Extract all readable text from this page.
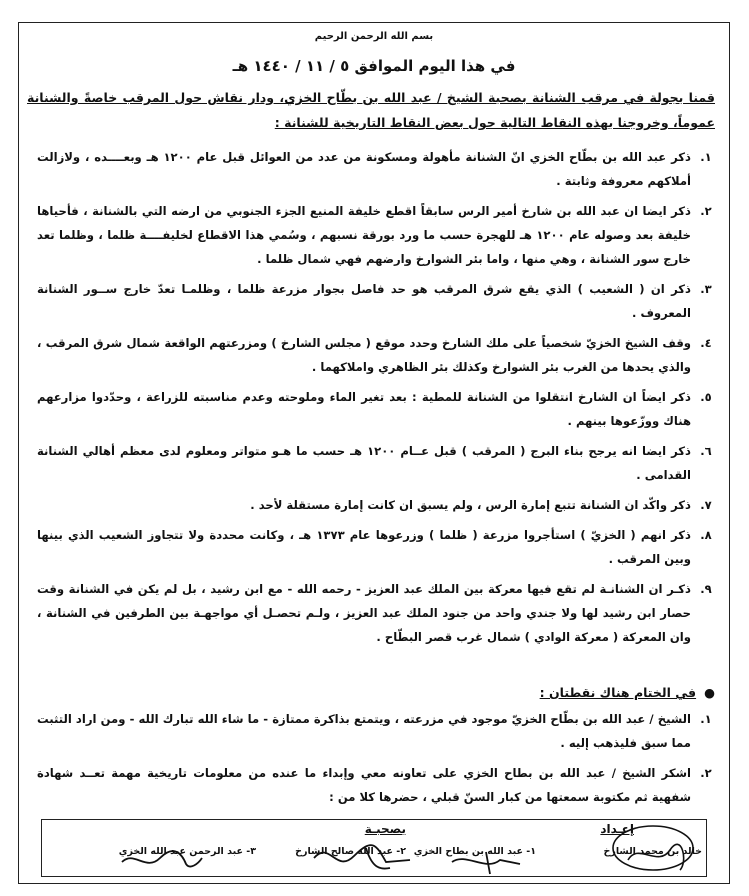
بسم الله الرحمن الرحيم
في هذا اليوم الموافق ٥ / ١١ / ١٤٤٠ هـ
قمنا بجولة في مرقب الشنانة بصحبة الشيخ / عبد الله بن بطّاح الخزي، ودار نقاش حول المرقب خاصةً والشنانة عموماً، وخروجنا بهذه النقاط التالية حول بعض النقاط التاريخية للشنانة :
١.
ذكر عبد الله بن بطّاح الخزي انّ الشنانة مأهولة ومسكونة من عدد من العوائل قبل عام ١٢٠٠ هـ وبعــــده ، ولازالت أملاكهم معروفة وثابتة .
٢.
ذكر ايضا ان عبد الله بن شارخ أمير الرس سابقاً اقطع خليفة المنيع الجزء الجنوبي من ارضه التي بالشنانة ، فأحياها خليفة بعد وصوله عام ١٢٠٠ هـ للهجرة حسب ما ورد بورقة نسبهم ، وسُمي هذا الاقطاع لخليفــــة ظلما ، وظلما تعد خارج سور الشنانة ، وهي منها ، واما بئر الشوارخ وارضهم فهي شمال ظلما .
٣.
ذكر ان ( الشعيب ) الذي يقع شرق المرقب هو حد فاصل بجوار مزرعة ظلما ، وظلمـا تعدّ خارج ســور الشنانة المعروف .
٤.
وقف الشيخ الخزيّ شخصياً على ملك الشارخ وحدد موقع ( مجلس الشارخ ) ومزرعتهم الواقعة شمال شرق المرقب ، والذي يحدها من الغرب بئر الشوارخ وكذلك بئر الظاهري واملاكهما .
٥.
ذكر ايضاً ان الشارخ انتقلوا من الشنانة للمطية : بعد تغير الماء وملوحته وعدم مناسبته للزراعة ، وحدّدوا مزارعهم هناك ووزّعوها بينهم .
٦.
ذكر ايضا انه يرجح بناء البرج ( المرقب ) قبل عــام ١٢٠٠ هـ حسب ما هـو متواتر ومعلوم لدى معظم أهالي الشنانة القدامى .
٧.
ذكر واكّد ان الشنانة تتبع إمارة الرس ، ولم يسبق ان كانت إمارة مستقلة لأحد .
٨.
ذكر انهم ( الخزيّ ) استأجروا مزرعة ( ظلما ) وزرعوها عام ١٣٧٣ هـ ، وكانت محددة ولا تتجاوز الشعيب الذي بينها وبين المرقب .
٩.
ذكـر ان الشنانـة لم تقع فيها معركة بين الملك عبد العزيز - رحمه الله - مع ابن رشيد ، بل لم يكن في الشنانة وقت حصار ابن رشيد لها ولا جندي واحد من جنود الملك عبد العزيز ، ولـم تحصـل أي مواجهـة بين الطرفين في الشنانة ، وان المعركة ( معركة الوادي ) شمال غرب قصر البطّاح .
●في الختام هناك نقطتان :
١.
الشيخ / عبد الله بن بطّاح الخزيّ موجود في مزرعته ، ويتمتع بذاكرة ممتازة - ما شاء الله تبارك الله - ومن اراد التثبت مما سبق فليذهب إليه .
٢.
اشكر الشيخ / عبد الله بن بطاح الخزي على تعاونه معي وإبداء ما عنده من معلومات تاريخية مهمة تعــد شهادة شفهية ثم مكتوبة سمعتها من كبار السنّ قبلي ، حضرها كلا من :
إعـداد
بصحبـة
خالد بن محمد الشارخ
١- عبد الله بن بطاح الخزي
٢- عبد الله صالح الشارخ
٣- عبد الرحمن عبد الله الخزي
